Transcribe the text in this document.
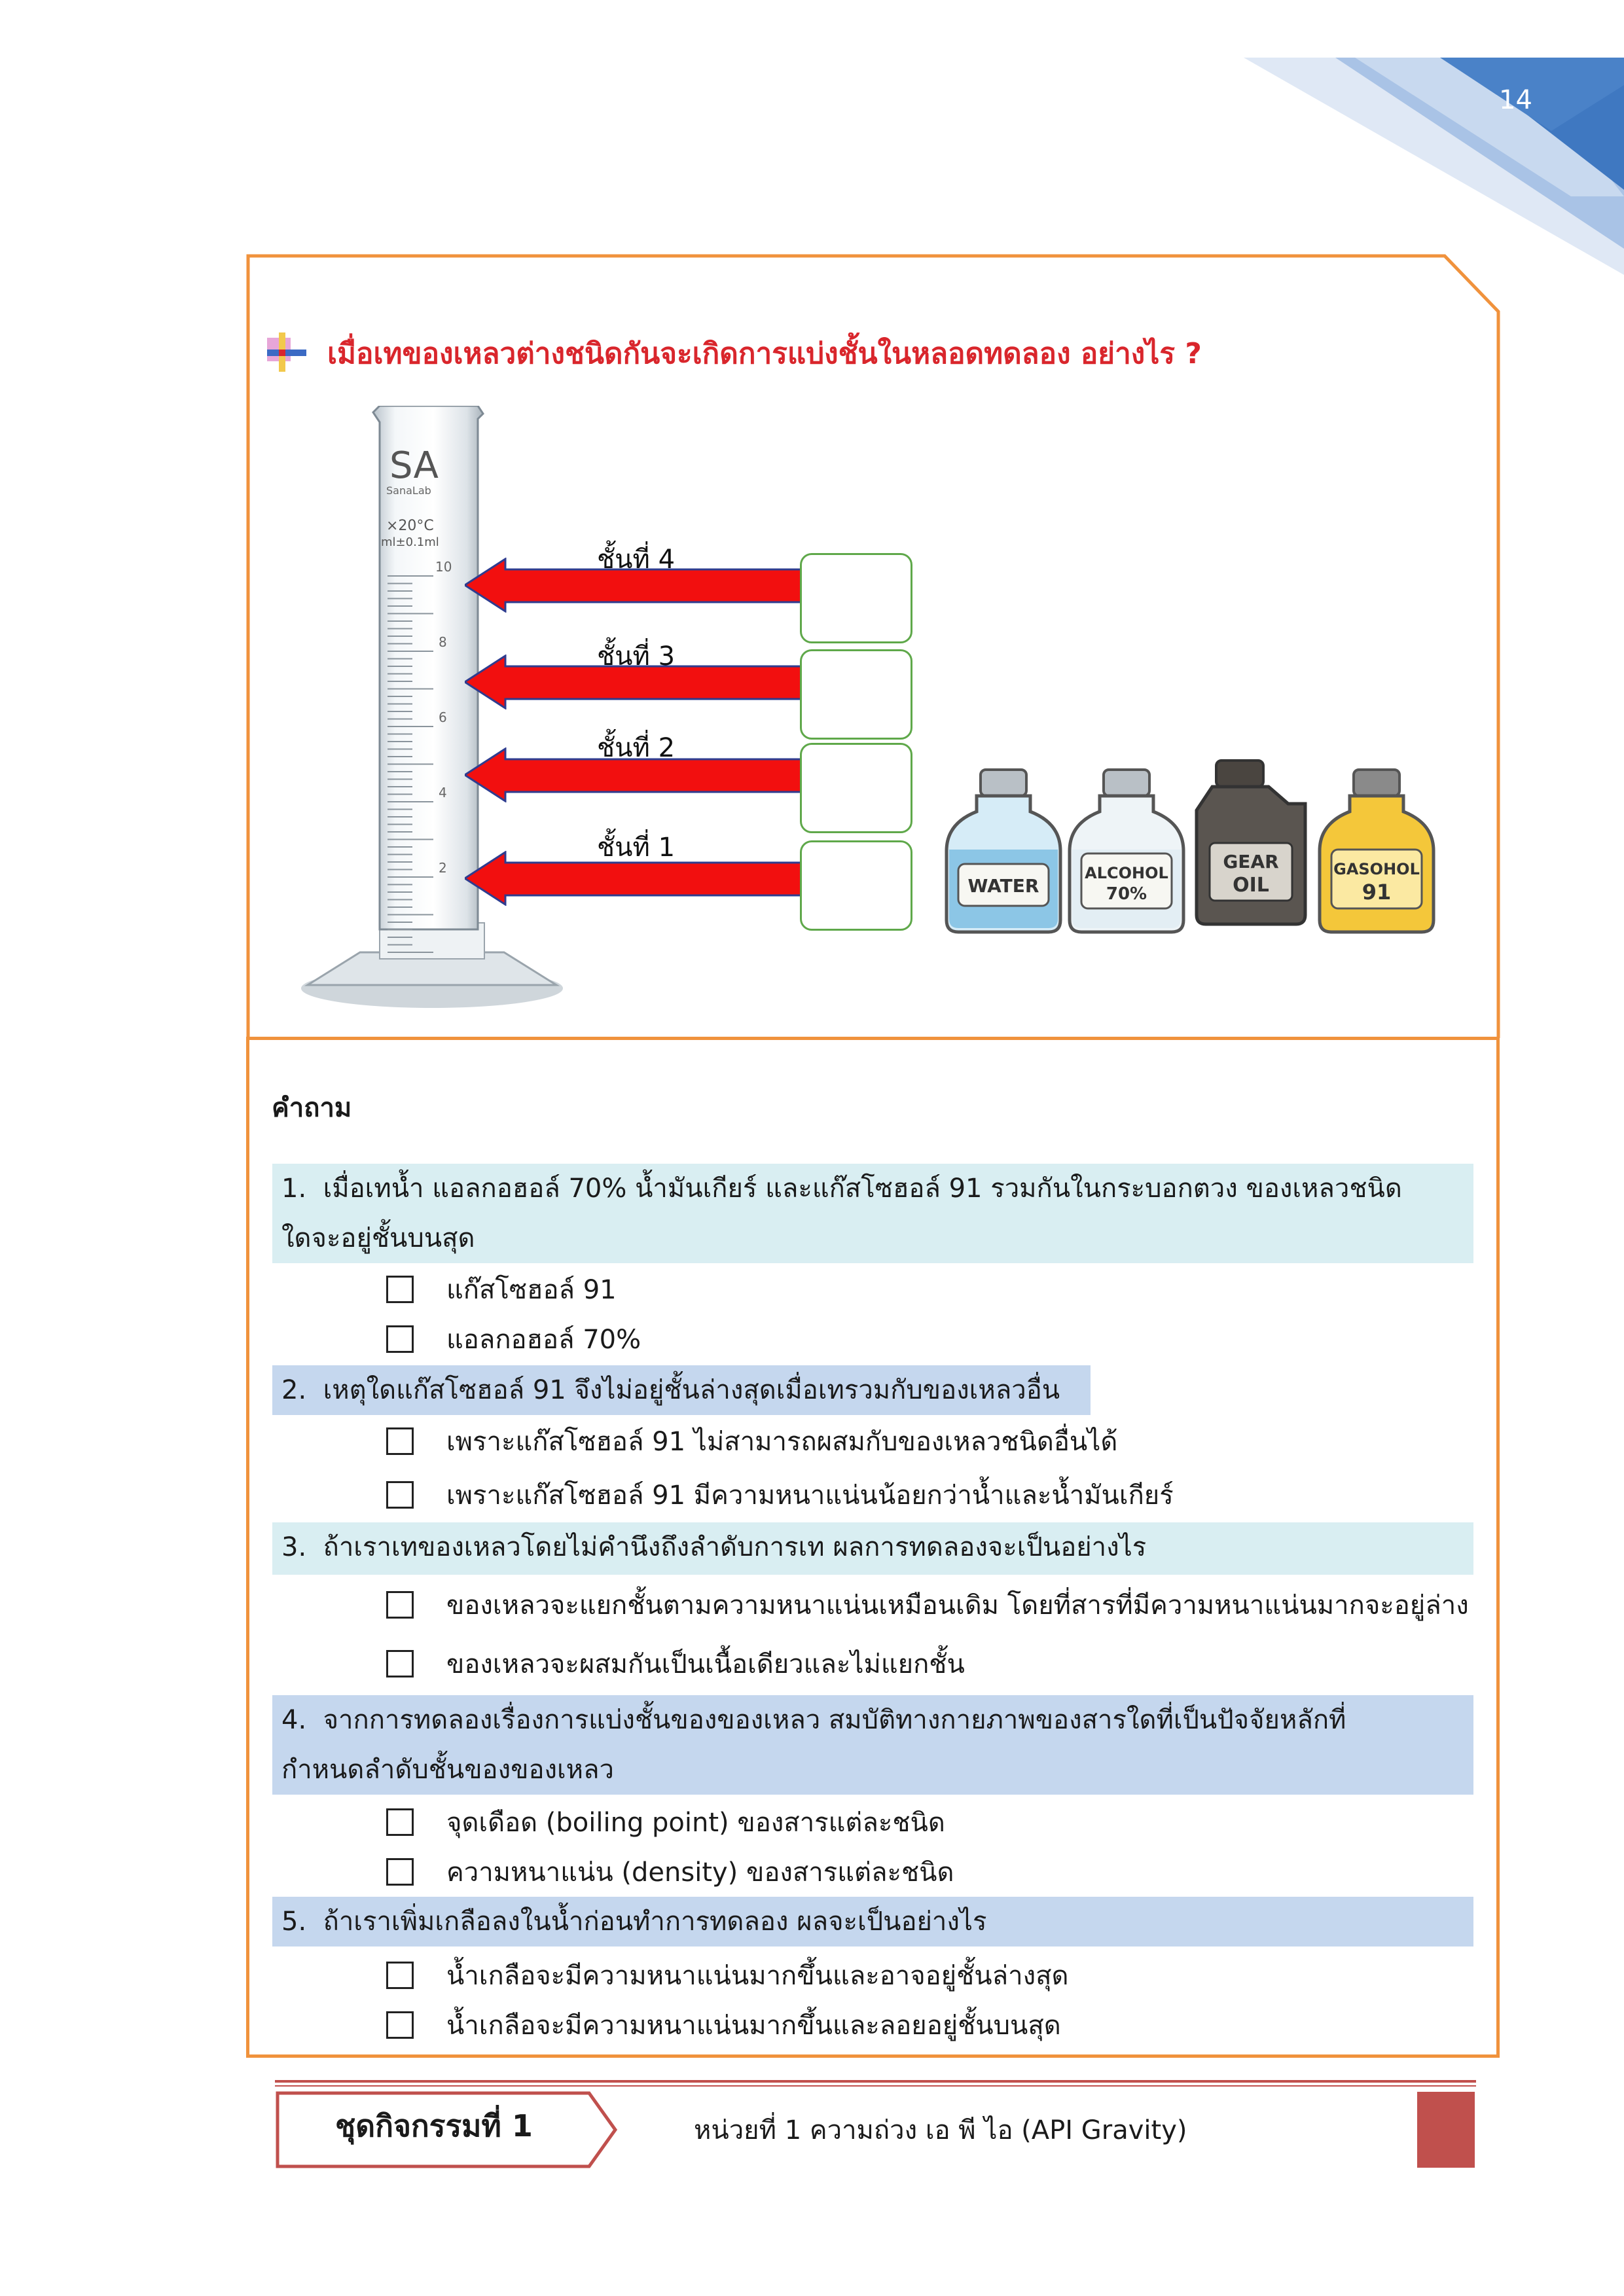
14
เมื่อเทของเหลวต่างชนิดกันจะเกิดการแบ่งชั้นในหลอดทดลอง อย่างไร ?
SA
SanaLab
×20°C
ml±0.1ml
10
8
6
4
2
ชั้นที่ 4
ชั้นที่ 3
ชั้นที่ 2
ชั้นที่ 1
WATER
ALCOHOL
70%
GEAR
OIL
GASOHOL
91
คำถาม
1. เมื่อเทน้ำ แอลกอฮอล์ 70% น้ำมันเกียร์ และแก๊สโซฮอล์ 91 รวมกันในกระบอกตวง ของเหลวชนิด
ใดจะอยู่ชั้นบนสุด
แก๊สโซฮอล์ 91
แอลกอฮอล์ 70%
2. เหตุใดแก๊สโซฮอล์ 91 จึงไม่อยู่ชั้นล่างสุดเมื่อเทรวมกับของเหลวอื่น
เพราะแก๊สโซฮอล์ 91 ไม่สามารถผสมกับของเหลวชนิดอื่นได้
เพราะแก๊สโซฮอล์ 91 มีความหนาแน่นน้อยกว่าน้ำและน้ำมันเกียร์
3. ถ้าเราเทของเหลวโดยไม่คำนึงถึงลำดับการเท ผลการทดลองจะเป็นอย่างไร
ของเหลวจะแยกชั้นตามความหนาแน่นเหมือนเดิม โดยที่สารที่มีความหนาแน่นมากจะอยู่ล่าง
ของเหลวจะผสมกันเป็นเนื้อเดียวและไม่แยกชั้น
4. จากการทดลองเรื่องการแบ่งชั้นของของเหลว สมบัติทางกายภาพของสารใดที่เป็นปัจจัยหลักที่
กำหนดลำดับชั้นของของเหลว
จุดเดือด (boiling point) ของสารแต่ละชนิด
ความหนาแน่น (density) ของสารแต่ละชนิด
5. ถ้าเราเพิ่มเกลือลงในน้ำก่อนทำการทดลอง ผลจะเป็นอย่างไร
น้ำเกลือจะมีความหนาแน่นมากขึ้นและอาจอยู่ชั้นล่างสุด
น้ำเกลือจะมีความหนาแน่นมากขึ้นและลอยอยู่ชั้นบนสุด
ชุดกิจกรรมที่ 1	หน่วยที่ 1 ความถ่วง เอ พี ไอ (API Gravity)
